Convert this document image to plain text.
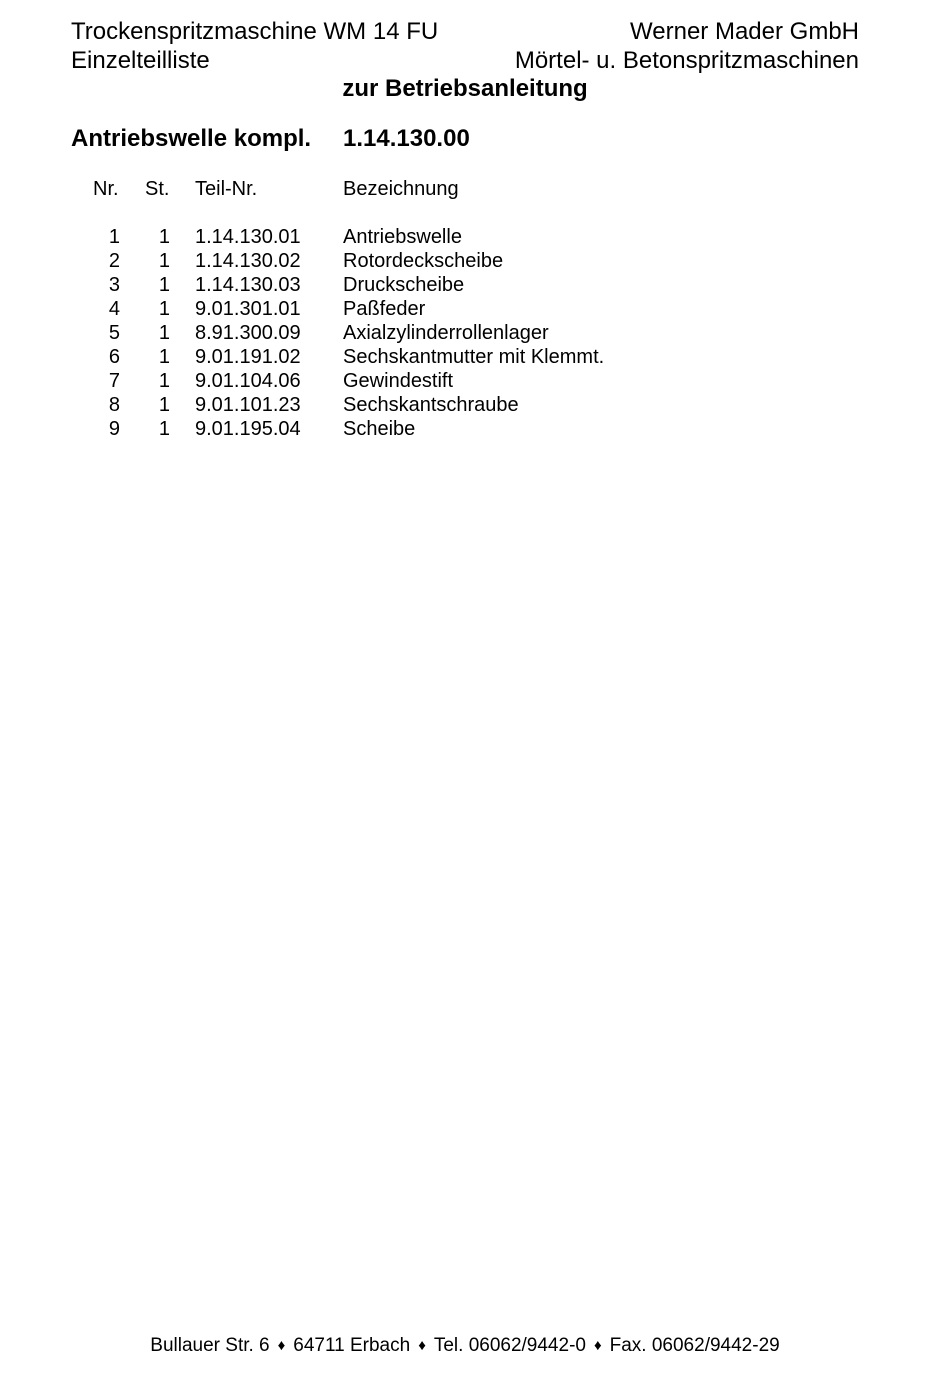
Trockenspritzmaschine WM 14 FU	Werner Mader GmbH
Einzelteilliste	Mörtel- u. Betonspritzmaschinen
zur Betriebsanleitung
Antriebswelle kompl. 1.14.130.00
Nr. St. Teil-Nr.	Bezeichnung
1 1 1.14.130.01 Antriebswelle
2 1 1.14.130.02 Rotordeckscheibe
3 1 1.14.130.03 Druckscheibe
4 1 9.01.301.01 Paßfeder
5 1 8.91.300.09 Axialzylinderrollenlager
6 1 9.01.191.02 Sechskantmutter mit Klemmt.
7 1 9.01.104.06 Gewindestift
8 1 9.01.101.23 Sechskantschraube
9 1 9.01.195.04 Scheibe
Bullauer Str. 6 ♦ 64711 Erbach ♦ Tel. 06062/9442-0 ♦ Fax. 06062/9442-29
